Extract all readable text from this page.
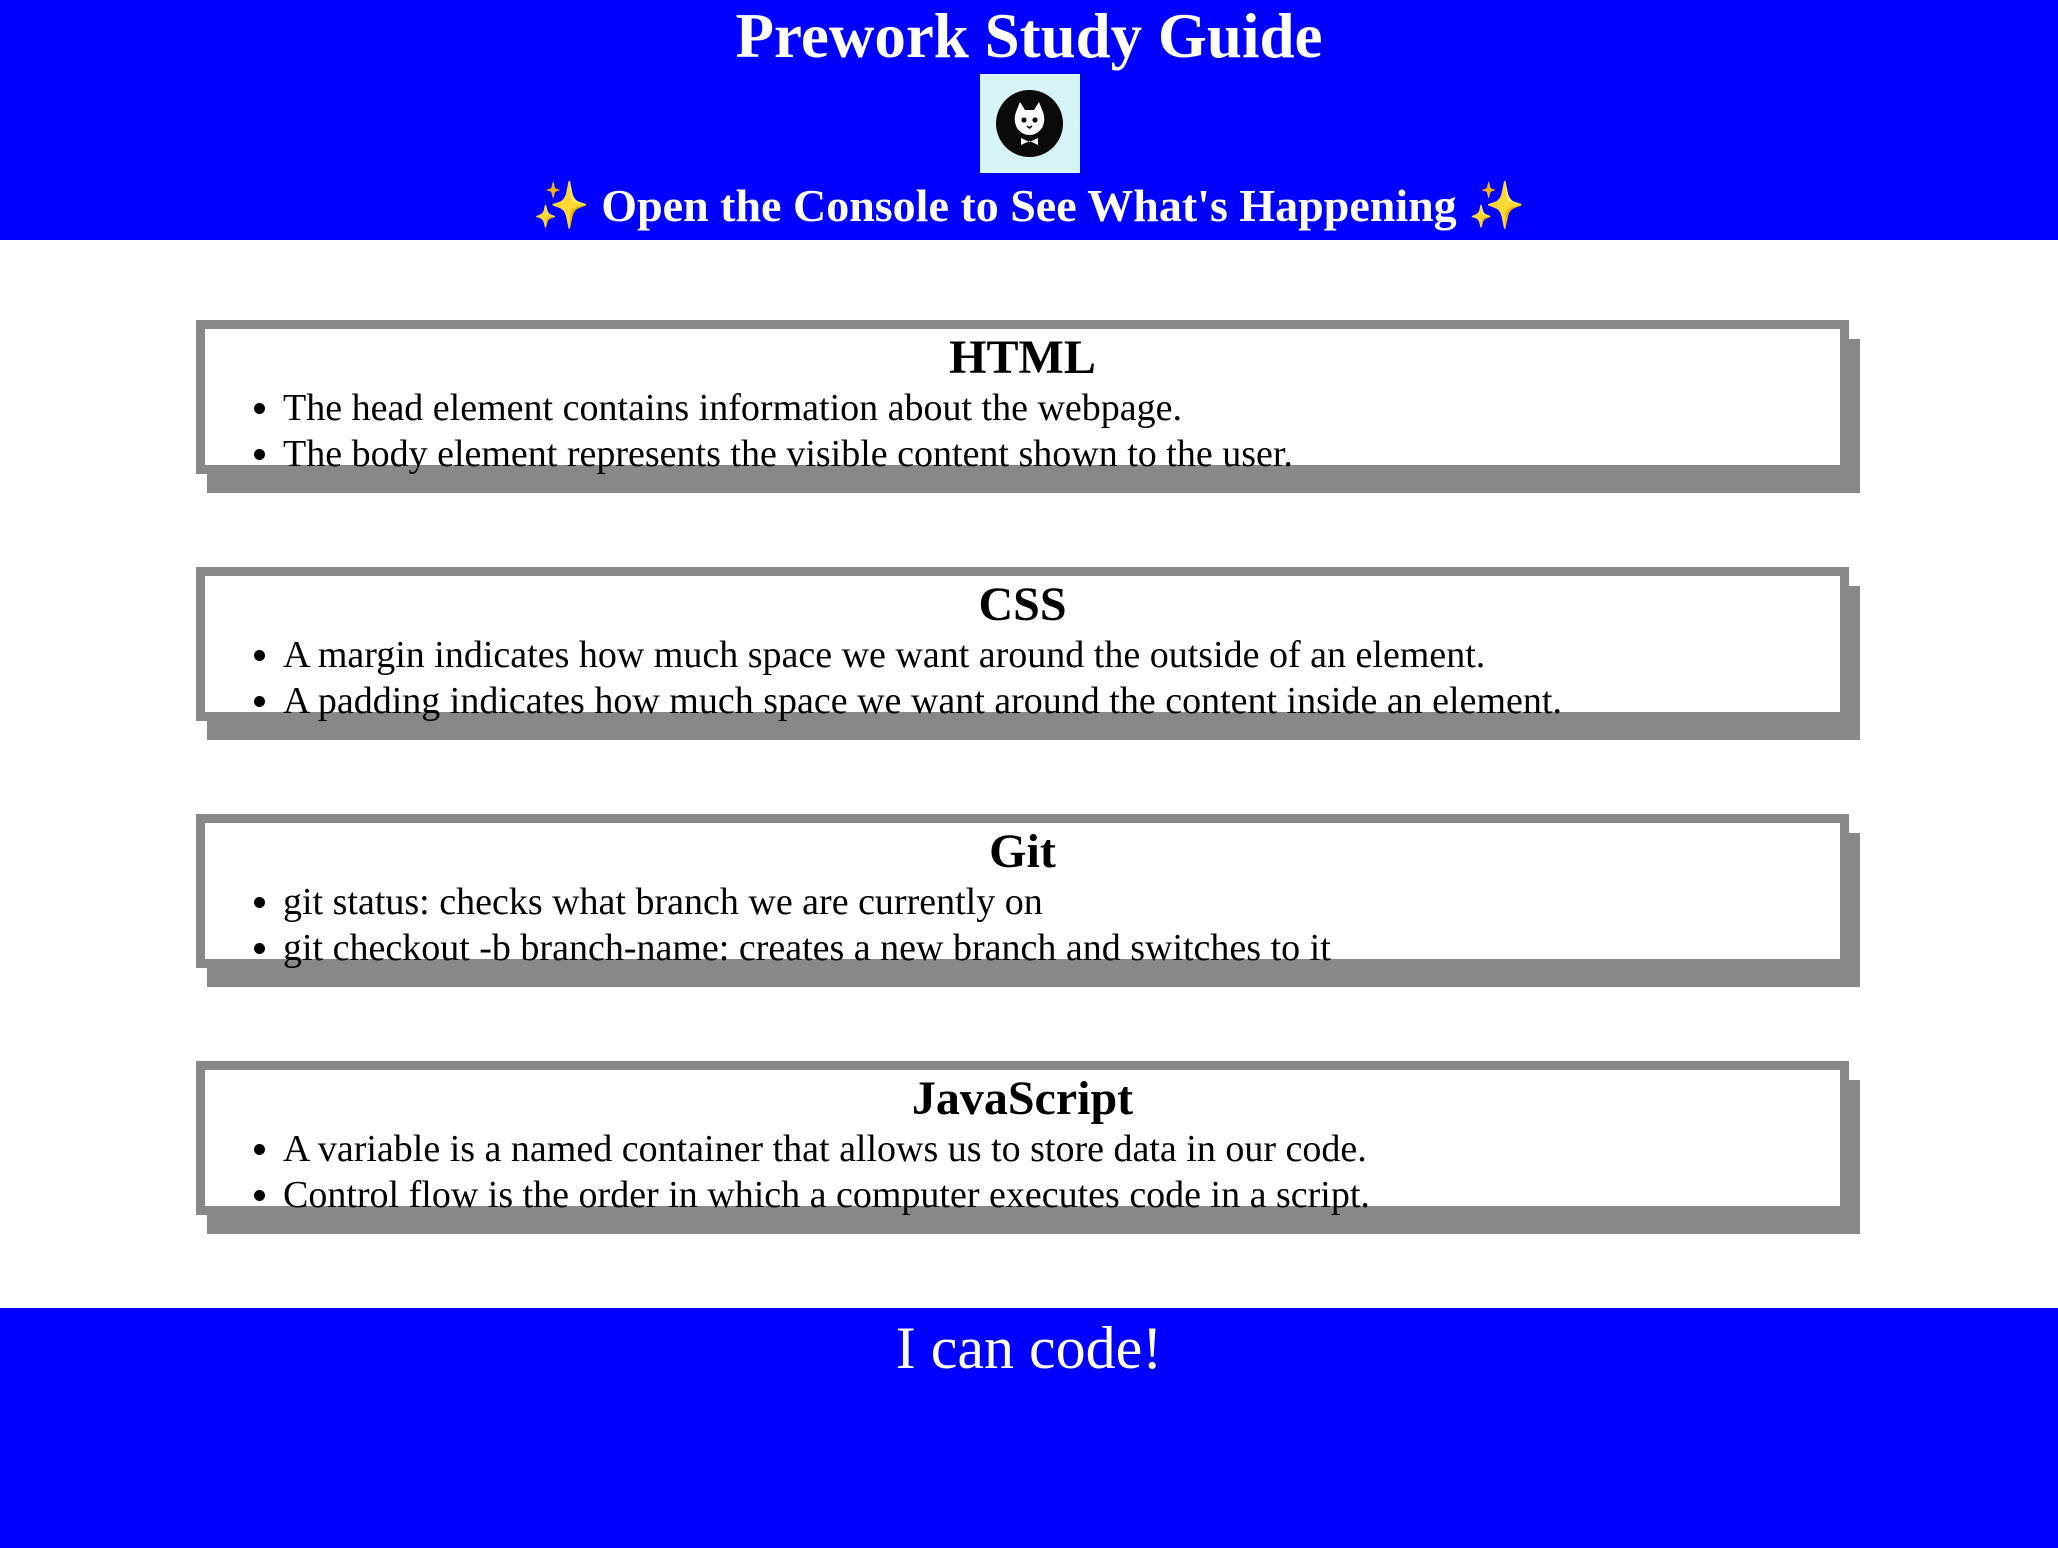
Prework Study Guide
✨ Open the Console to See What's Happening ✨
HTML
• The head element contains information about the webpage.
• The body element represents the visible content shown to the user.
CSS
• A margin indicates how much space we want around the outside of an element.
• A padding indicates how much space we want around the content inside an element.
Git
• git status: checks what branch we are currently on
• git checkout -b branch-name: creates a new branch and switches to it
JavaScript
• A variable is a named container that allows us to store data in our code.
• Control flow is the order in which a computer executes code in a script.

I can code!
